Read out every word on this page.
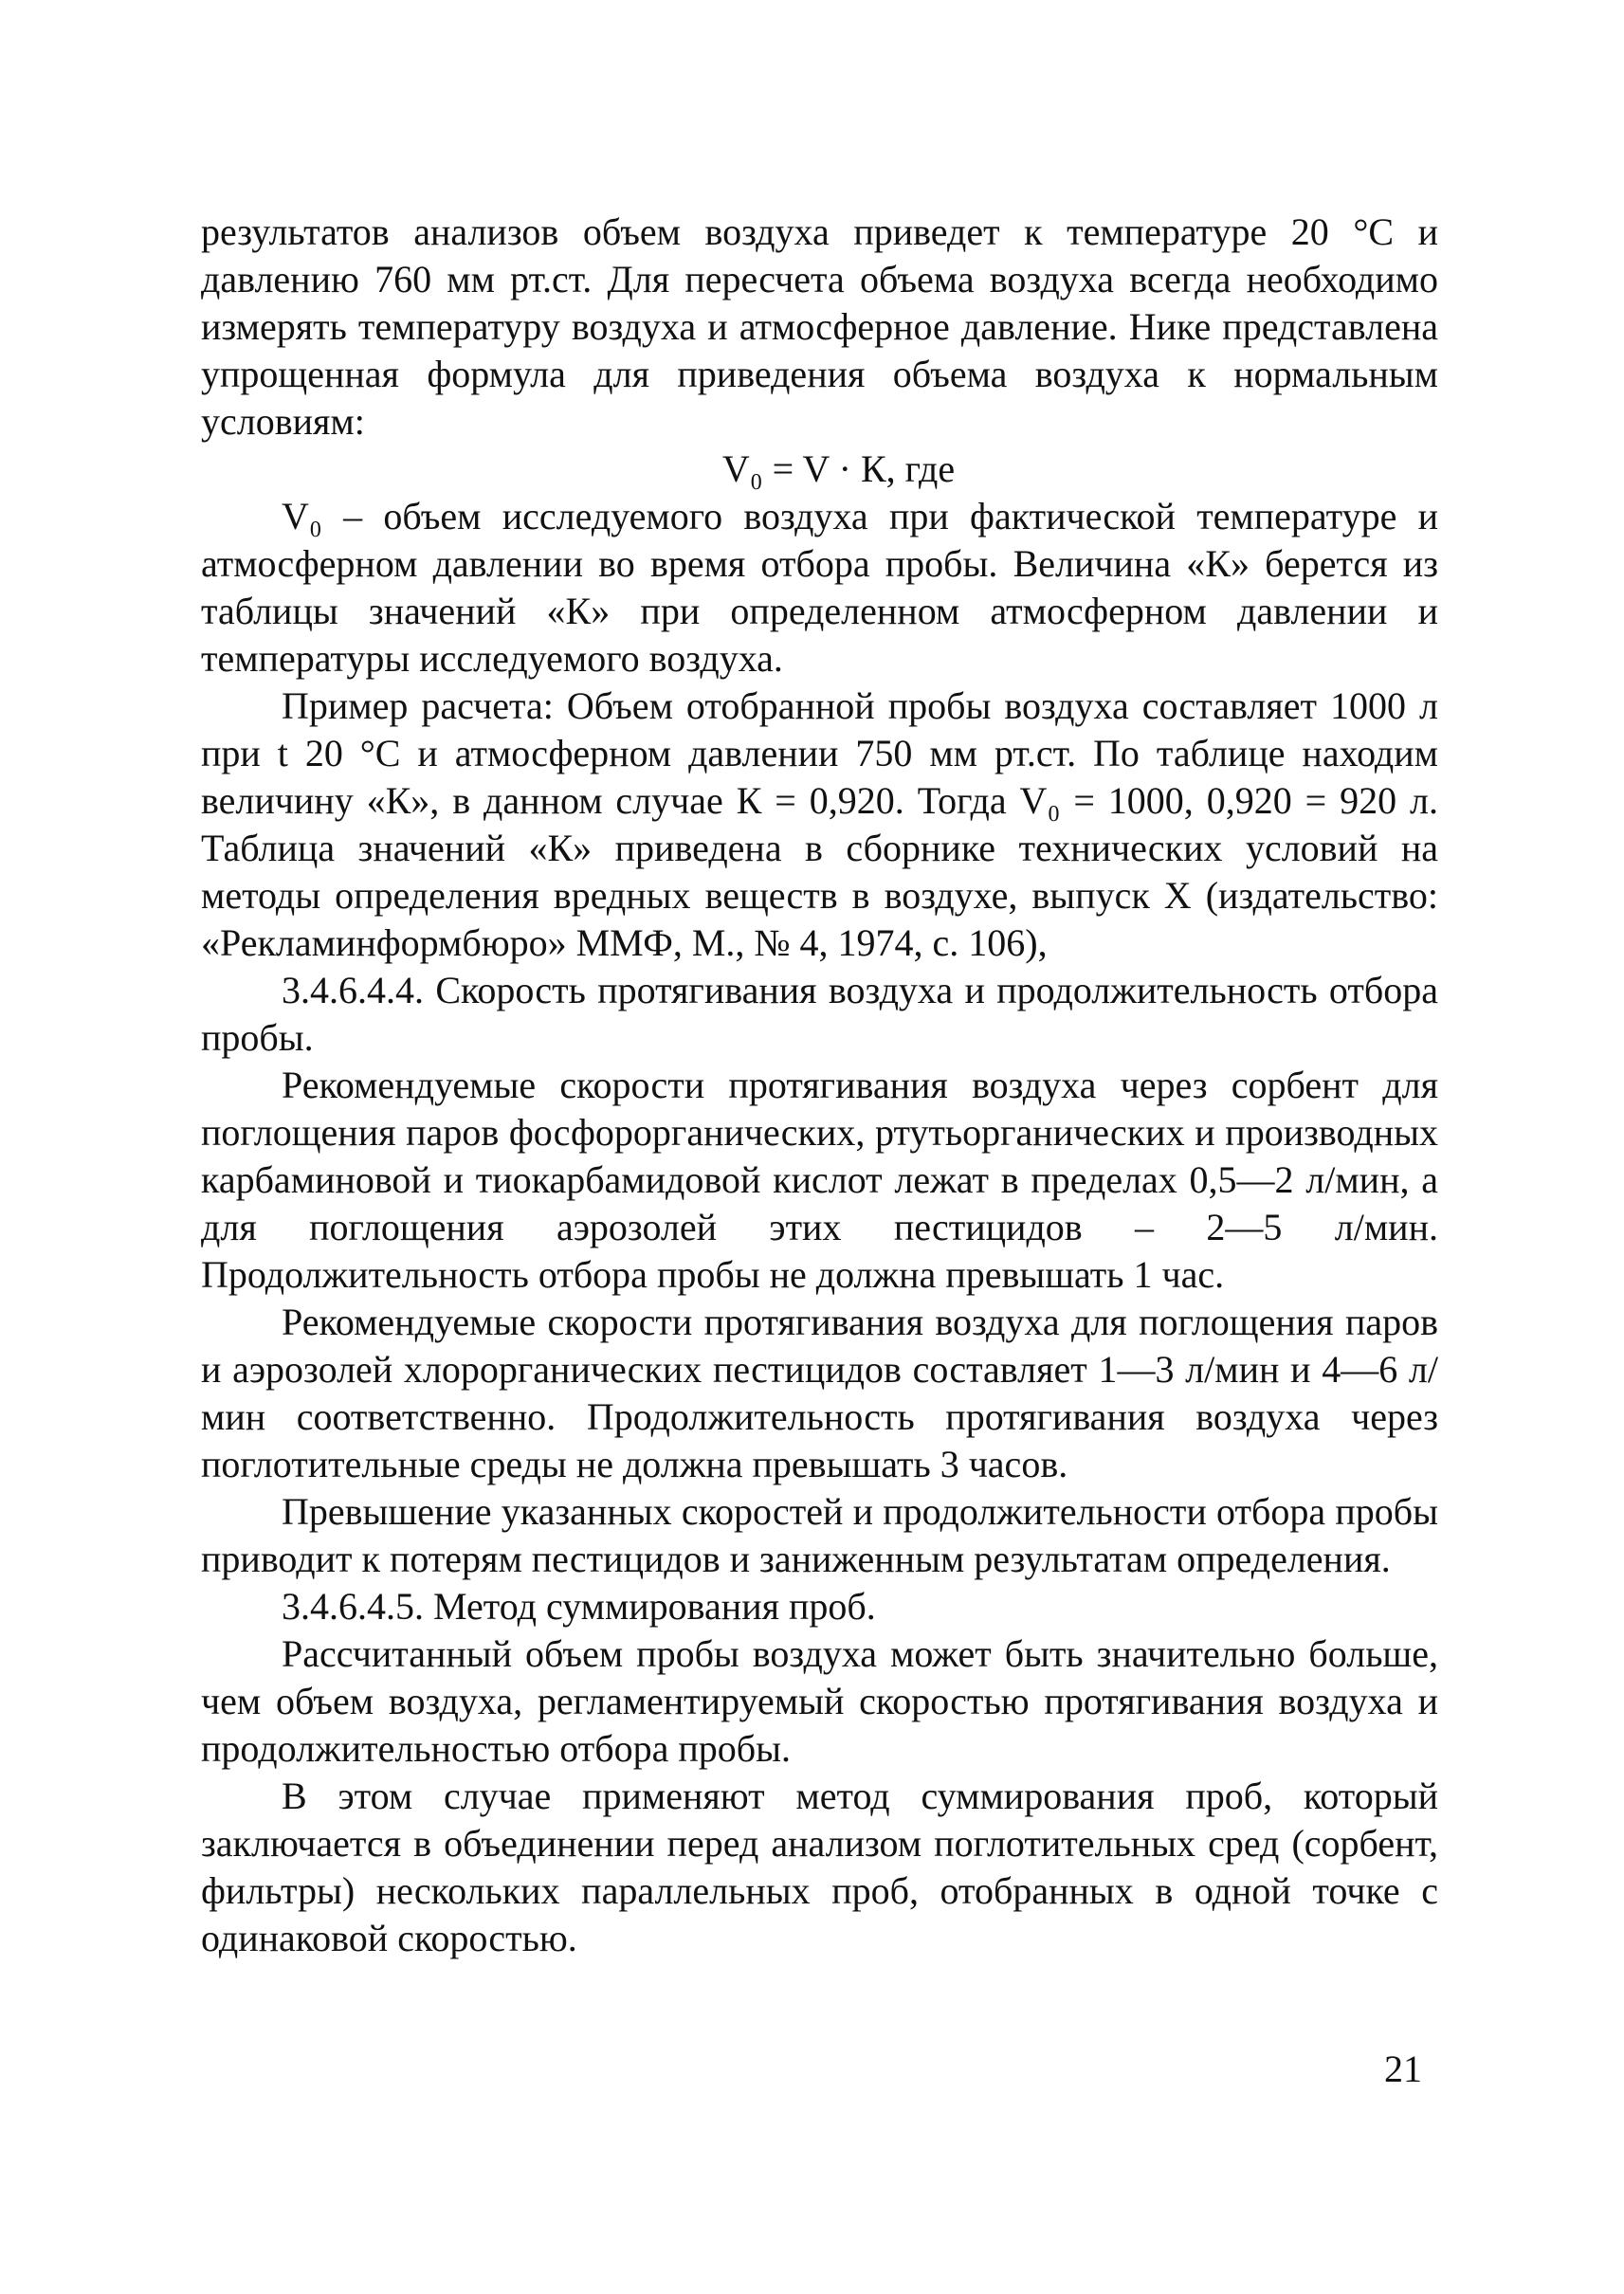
результатов анализов объем воздуха приведет к температуре 20 °С и давлению 760 мм рт.ст. Для пересчета объема воздуха всегда необходимо измерять температуру воздуха и атмосферное давление. Нике представлена упрощенная формула для приведения объема воздуха к нормальным условиям:

V₀ = V · К, где

V₀ – объем исследуемого воздуха при фактической температуре и атмосферном давлении во время отбора пробы. Величина «К» берется из таблицы значений «К» при определенном атмосферном давлении и температуры исследуемого воздуха.

Пример расчета: Объем отобранной пробы воздуха составляет 1000 л при t 20 °С и атмосферном давлении 750 мм рт.ст. По таблице находим величину «К», в данном случае К = 0,920. Тогда V₀ = 1000, 0,920 = 920 л. Таблица значений «К» приведена в сборнике технических условий на методы определения вредных веществ в воздухе, выпуск X (издательство: «Рекламинформбюро» ММФ, М., № 4, 1974, с. 106),

3.4.6.4.4. Скорость протягивания воздуха и продолжительность отбора пробы.

Рекомендуемые скорости протягивания воздуха через сорбент для поглощения паров фосфорорганических, ртутьорганических и производных карбаминовой и тиокарбамидовой кислот лежат в пределах 0,5—2 л/мин, а для поглощения аэрозолей этих пестицидов – 2—5 л/мин. Продолжительность отбора пробы не должна превышать 1 час.

Рекомендуемые скорости протягивания воздуха для поглощения паров и аэрозолей хлорорганических пестицидов составляет 1—3 л/мин и 4—6 л/мин соответственно. Продолжительность протягивания воздуха через поглотительные среды не должна превышать 3 часов.

Превышение указанных скоростей и продолжительности отбора пробы приводит к потерям пестицидов и заниженным результатам определения.

3.4.6.4.5. Метод суммирования проб.

Рассчитанный объем пробы воздуха может быть значительно больше, чем объем воздуха, регламентируемый скоростью протягивания воздуха и продолжительностью отбора пробы.

В этом случае применяют метод суммирования проб, который заключается в объединении перед анализом поглотительных сред (сорбент, фильтры) нескольких параллельных проб, отобранных в одной точке с одинаковой скоростью.

21
